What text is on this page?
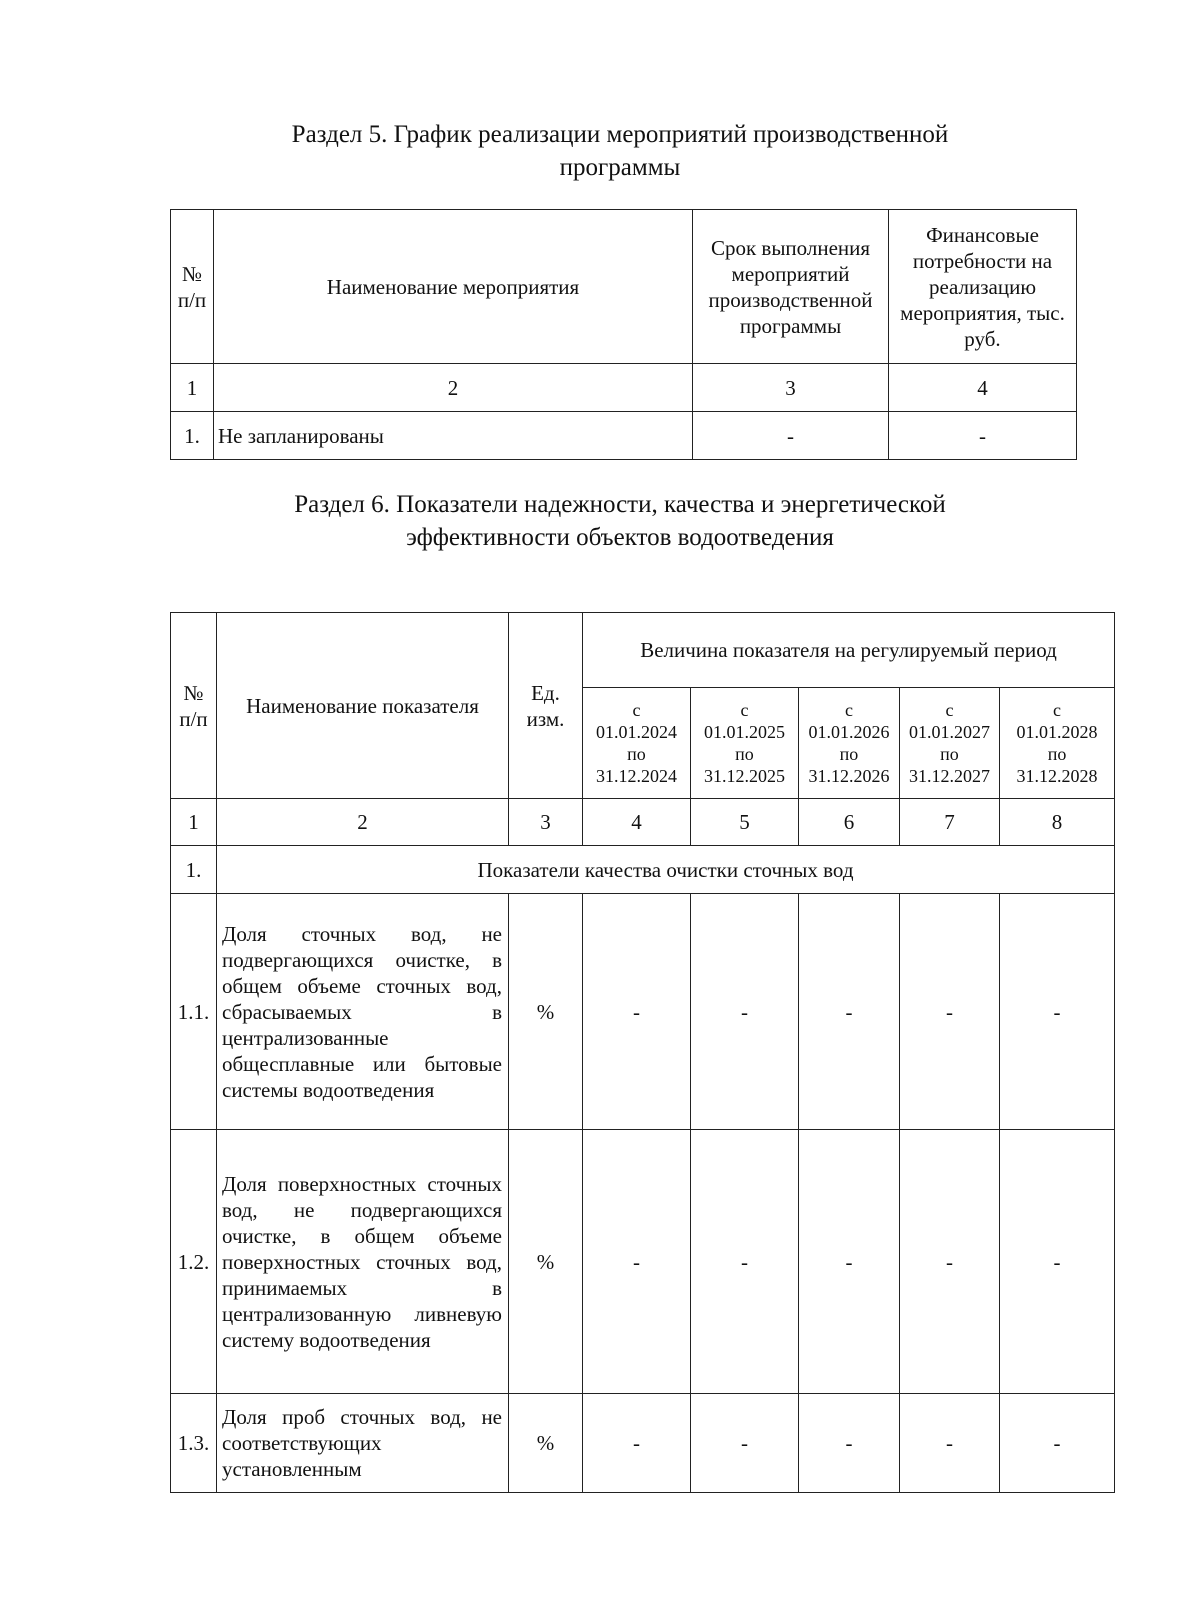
Раздел 5. График реализации мероприятий производственной
программы
№ п/п	Наименование мероприятия	Срок выполнения мероприятий производственной программы	Финансовые потребности на реализацию мероприятия, тыс. руб.
1	2	3	4
1.	Не запланированы	-	-
Раздел 6. Показатели надежности, качества и энергетической
эффективности объектов водоотведения
№ п/п	Наименование показателя	Ед. изм.	Величина показателя на регулируемый период				
			с
01.01.2024
по
31.12.2024	с
01.01.2025
по
31.12.2025	с
01.01.2026
по
31.12.2026	с
01.01.2027
по
31.12.2027	с
01.01.2028
по
31.12.2028
1	2	3	4	5	6	7	8
1.	Показатели качества очистки сточных вод						
1.1.	Доля сточных вод, не подвергающихся очистке, в общем объеме сточных вод, сбрасываемых в централизованные общесплавные или бытовые системы водоотведения	%	-	-	-	-	-
1.2.	Доля поверхностных сточных вод, не подвергающихся очистке, в общем объеме поверхностных сточных вод, принимаемых в централизованную ливневую систему водоотведения	%	-	-	-	-	-
1.3.	Доля проб сточных вод, не соответствующих установленным	%	-	-	-	-	-
